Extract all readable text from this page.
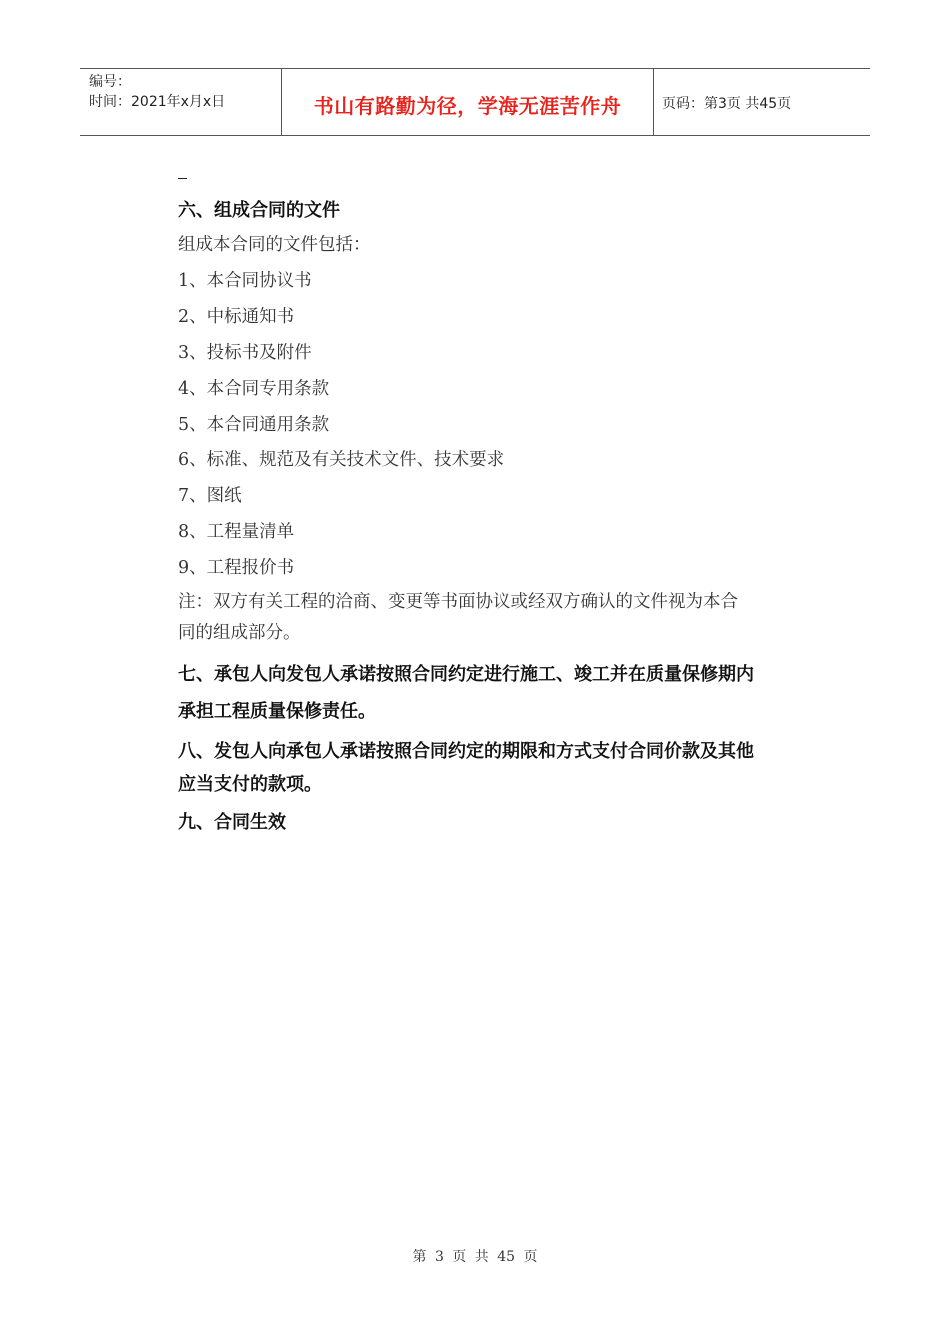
编号：
时间：2021年x月x日	书山有路勤为径，学海无涯苦作舟	页码：第3页 共45页

六、组成合同的文件

组成本合同的文件包括：

1、本合同协议书

2、中标通知书

3、投标书及附件

4、本合同专用条款

5、本合同通用条款

6、标准、规范及有关技术文件、技术要求

7、图纸

8、工程量清单

9、工程报价书

注：双方有关工程的洽商、变更等书面协议或经双方确认的文件视为本合
同的组成部分。
七、承包人向发包人承诺按照合同约定进行施工、竣工并在质量保修期内
承担工程质量保修责任。
八、发包人向承包人承诺按照合同约定的期限和方式支付合同价款及其他
应当支付的款项。

九、合同生效

第 3 页 共 45 页
